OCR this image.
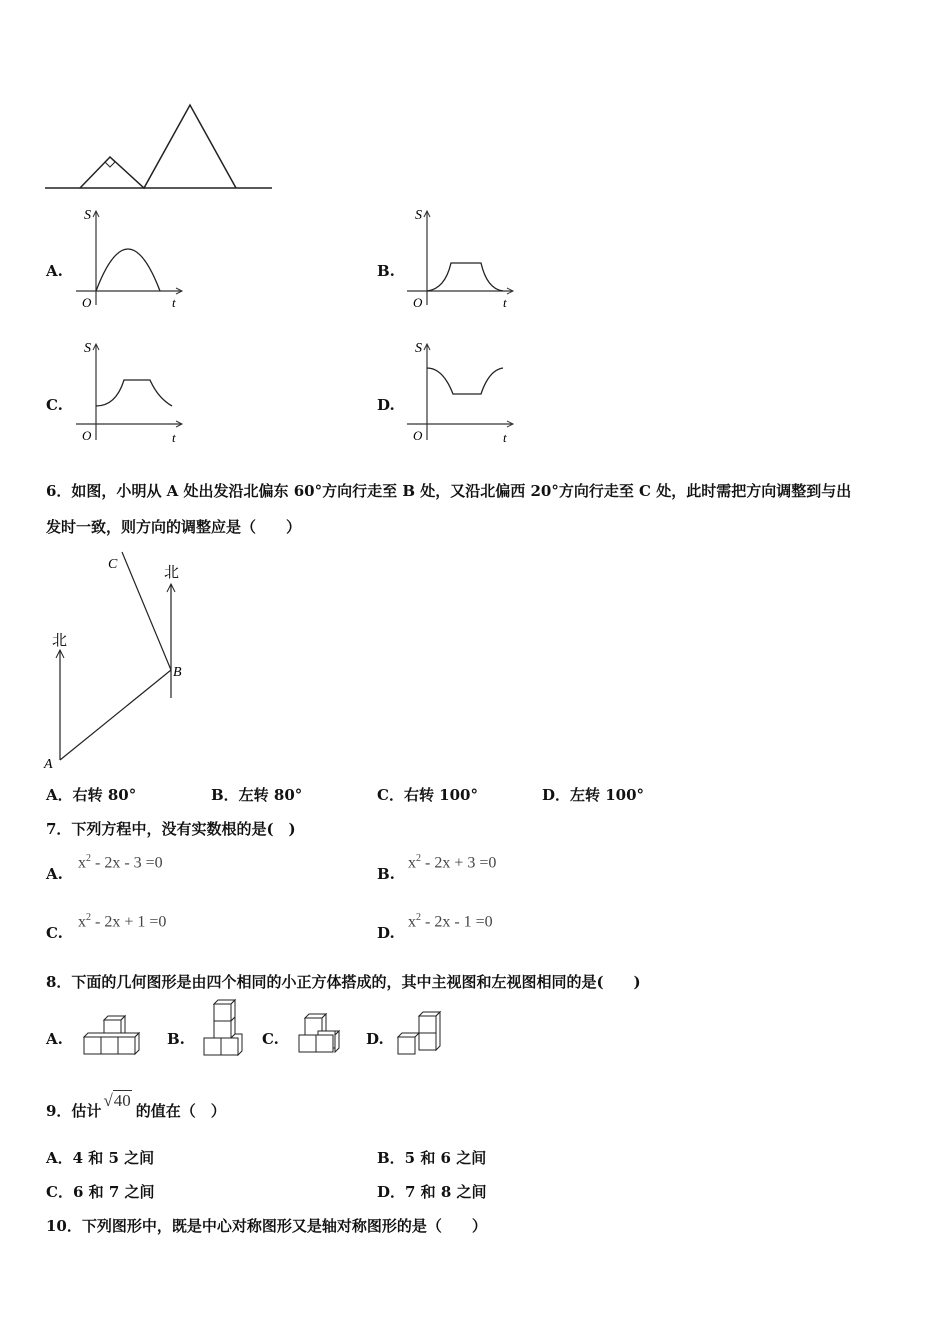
A.
S
O	t
B.
S
O	t
C.
S
O	t
D.
S
O	t
6．如图，小明从 A 处出发沿北偏东 60°方向行走至 B 处，又沿北偏西 20°方向行走至 C 处，此时需把方向调整到与出
发时一致，则方向的调整应是（　　）
北
北
A
B
C
A．右转 80°	B．左转 80°	C．右转 100°	D．左转 100°
7．下列方程中，没有实数根的是(　)
A.
$x^2 - 2x - 3 =0$
B.
$x^2 - 2x + 3 =0$
C.
$x^2 - 2x + 1 =0$
D.
$x^2 - 2x - 1 =0$
8．下面的几何图形是由四个相同的小正方体搭成的，其中主视图和左视图相同的是(　　)
A.	B.	C.	D.
9．估计√40的值在（　）
A．4 和 5 之间	B．5 和 6 之间
C．6 和 7 之间	D．7 和 8 之间
10．下列图形中，既是中心对称图形又是轴对称图形的是（　　）
